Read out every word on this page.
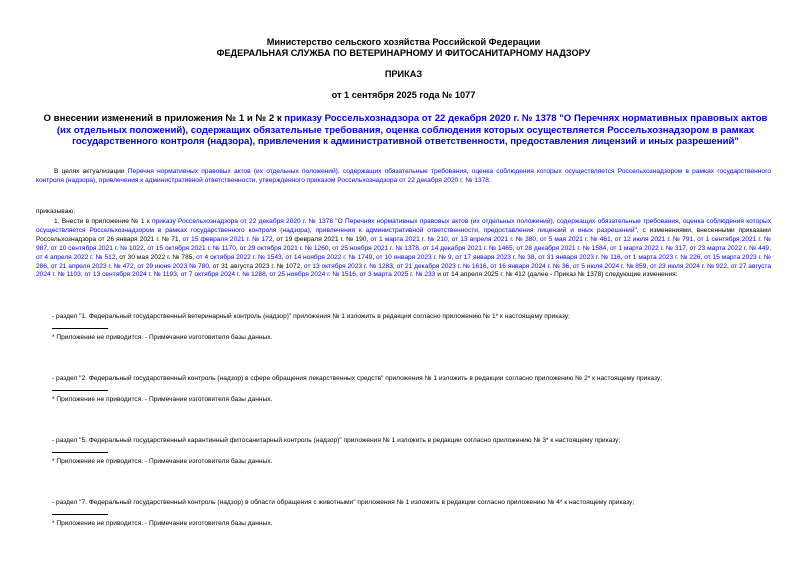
Министерство сельского хозяйства Российской Федерации

ФЕДЕРАЛЬНАЯ СЛУЖБА ПО ВЕТЕРИНАРНОМУ И ФИТОСАНИТАРНОМУ НАДЗОРУ

ПРИКАЗ

от 1 сентября 2025 года № 1077

О внесении изменений в приложения № 1 и № 2 к приказу Россельхознадзора от 22 декабря 2020 г. № 1378 "О Перечнях нормативных правовых актов (их отдельных положений), содержащих обязательные требования, оценка соблюдения которых осуществляется Россельхознадзором в рамках государственного контроля (надзора), привлечения к административной ответственности, предоставления лицензий и иных разрешений"

В целях актуализации Перечня нормативных правовых актов (их отдельных положений), содержащих обязательные требования, оценка соблюдения которых осуществляется Россельхознадзором в рамках государственного контроля (надзора), привлечения к административной ответственности, утвержденного приказом Россельхознадзора от 22 декабря 2020 г. № 1378,

приказываю:

1. Внести в приложение № 1 к приказу Россельхознадзора от 22 декабря 2020 г. № 1378 "О Перечнях нормативных правовых актов (их отдельных положений), содержащих обязательные требования, оценка соблюдения которых осуществляется Россельхознадзором в рамках государственного контроля (надзора), привлечения к административной ответственности, предоставления лицензий и иных разрешений", с изменениями, внесенными приказами Россельхознадзора от 26 января 2021 г. № 71, от 15 февраля 2021 г. № 172, от 19 февраля 2021 г. № 190, от 1 марта 2021 г. № 210, от 13 апреля 2021 г. № 380, от 5 мая 2021 г. № 461, от 12 июля 2021 г. № 791, от 1 сентября 2021 г. № 987, от 10 сентября 2021 г. № 1022, от 15 октября 2021 г. № 1170, от 29 октября 2021 г. № 1260, от 25 ноября 2021 г. № 1378, от 14 декабря 2021 г. № 1465, от 28 декабря 2021 г. № 1584, от 1 марта 2022 г. № 317, от 23 марта 2022 г. № 449, от 4 апреля 2022 г. № 512, от 30 мая 2022 г. № 785, от 4 октября 2022 г. № 1543, от 14 ноября 2022 г. № 1749, от 10 января 2023 г. № 9, от 17 января 2023 г. № 38, от 31 января 2023 г. № 116, от 1 марта 2023 г. № 226, от 15 марта 2023 г. № 286, от 21 апреля 2023 г. № 472, от 29 июня 2023 № 780, от 31 августа 2023 г. № 1072, от 13 октября 2023 г. № 1283, от 21 декабря 2023 г. № 1616, от 16 января 2024 г. № 36, от 5 июля 2024 г. № 859, от 23 июля 2024 г. № 922, от 27 августа 2024 г. № 1103, от 13 сентября 2024 г. № 1193, от 7 октября 2024 г. № 1288, от 25 ноября 2024 г. № 1516, от 3 марта 2025 г. № 233 и от 14 апреля 2025 г. № 412 (далее - Приказ № 1378) следующие изменения:

- раздел "1. Федеральный государственный ветеринарный контроль (надзор)" приложения № 1 изложить в редакции согласно приложению № 1* к настоящему приказу;

* Приложение не приводится. - Примечание изготовителя базы данных.

- раздел "2. Федеральный государственный контроль (надзор) в сфере обращения лекарственных средств" приложения № 1 изложить в редакции согласно приложению № 2* к настоящему приказу;

* Приложение не приводится. - Примечание изготовителя базы данных.

- раздел "5. Федеральный государственный карантинный фитосанитарный контроль (надзор)" приложения № 1 изложить в редакции согласно приложению № 3* к настоящему приказу;

* Приложение не приводится. - Примечание изготовителя базы данных.

- раздел "7. Федеральный государственный контроль (надзор) в области обращения с животными" приложения № 1 изложить в редакции согласно приложению № 4* к настоящему приказу;

* Приложение не приводится. - Примечание изготовителя базы данных.
